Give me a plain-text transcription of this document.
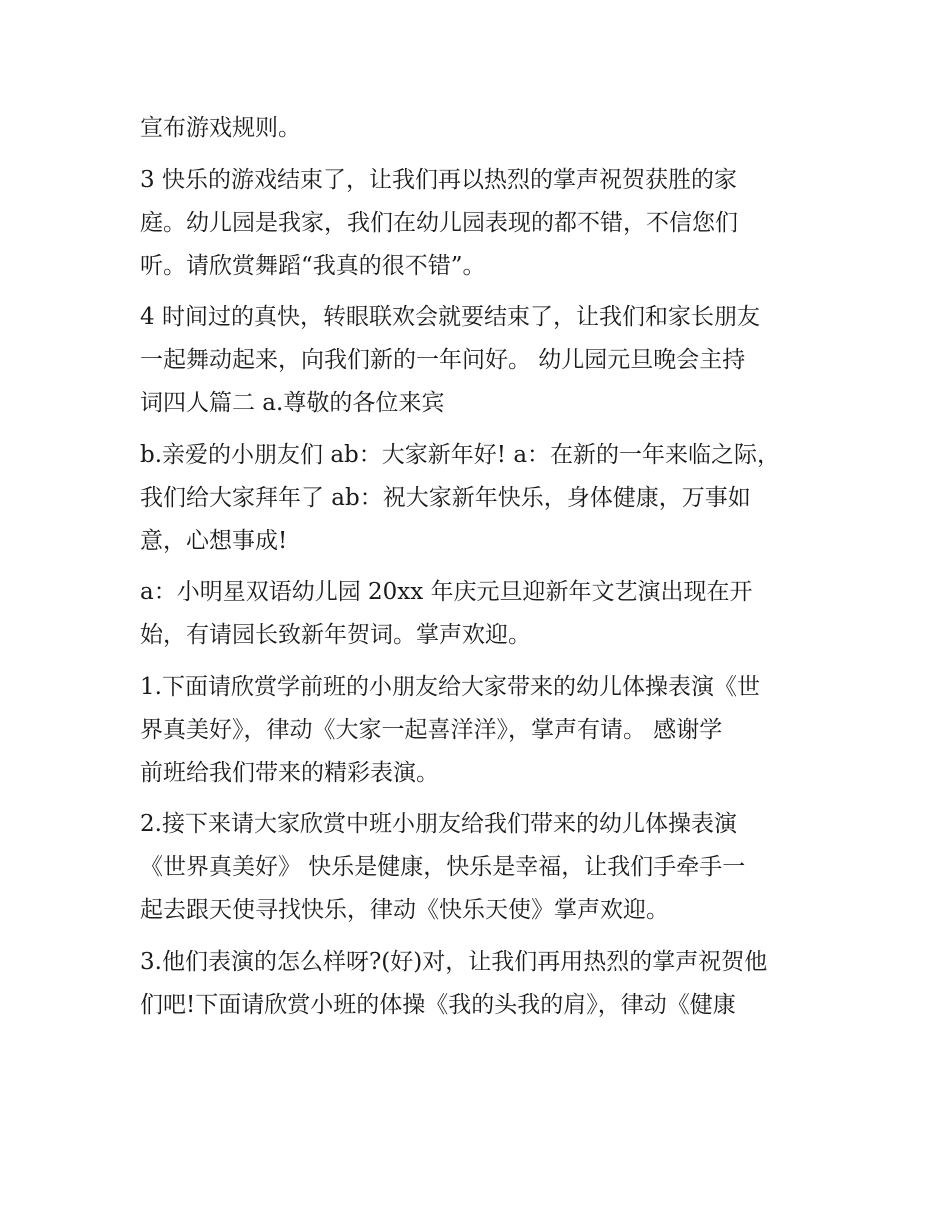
宣布游戏规则。
3 快乐的游戏结束了，让我们再以热烈的掌声祝贺获胜的家
庭。幼儿园是我家，我们在幼儿园表现的都不错，不信您们
听。请欣赏舞蹈“我真的很不错”。
4 时间过的真快，转眼联欢会就要结束了，让我们和家长朋友
一起舞动起来，向我们新的一年问好。 幼儿园元旦晚会主持
词四人篇二 a.尊敬的各位来宾
b.亲爱的小朋友们 ab：大家新年好! a：在新的一年来临之际，
我们给大家拜年了 ab：祝大家新年快乐，身体健康，万事如
意，心想事成!
a：小明星双语幼儿园 20xx 年庆元旦迎新年文艺演出现在开
始，有请园长致新年贺词。掌声欢迎。
1.下面请欣赏学前班的小朋友给大家带来的幼儿体操表演《世
界真美好》，律动《大家一起喜洋洋》，掌声有请。 感谢学
前班给我们带来的精彩表演。
2.接下来请大家欣赏中班小朋友给我们带来的幼儿体操表演
《世界真美好》 快乐是健康，快乐是幸福，让我们手牵手一
起去跟天使寻找快乐，律动《快乐天使》掌声欢迎。
3.他们表演的怎么样呀?(好)对，让我们再用热烈的掌声祝贺他
们吧!下面请欣赏小班的体操《我的头我的肩》，律动《健康
